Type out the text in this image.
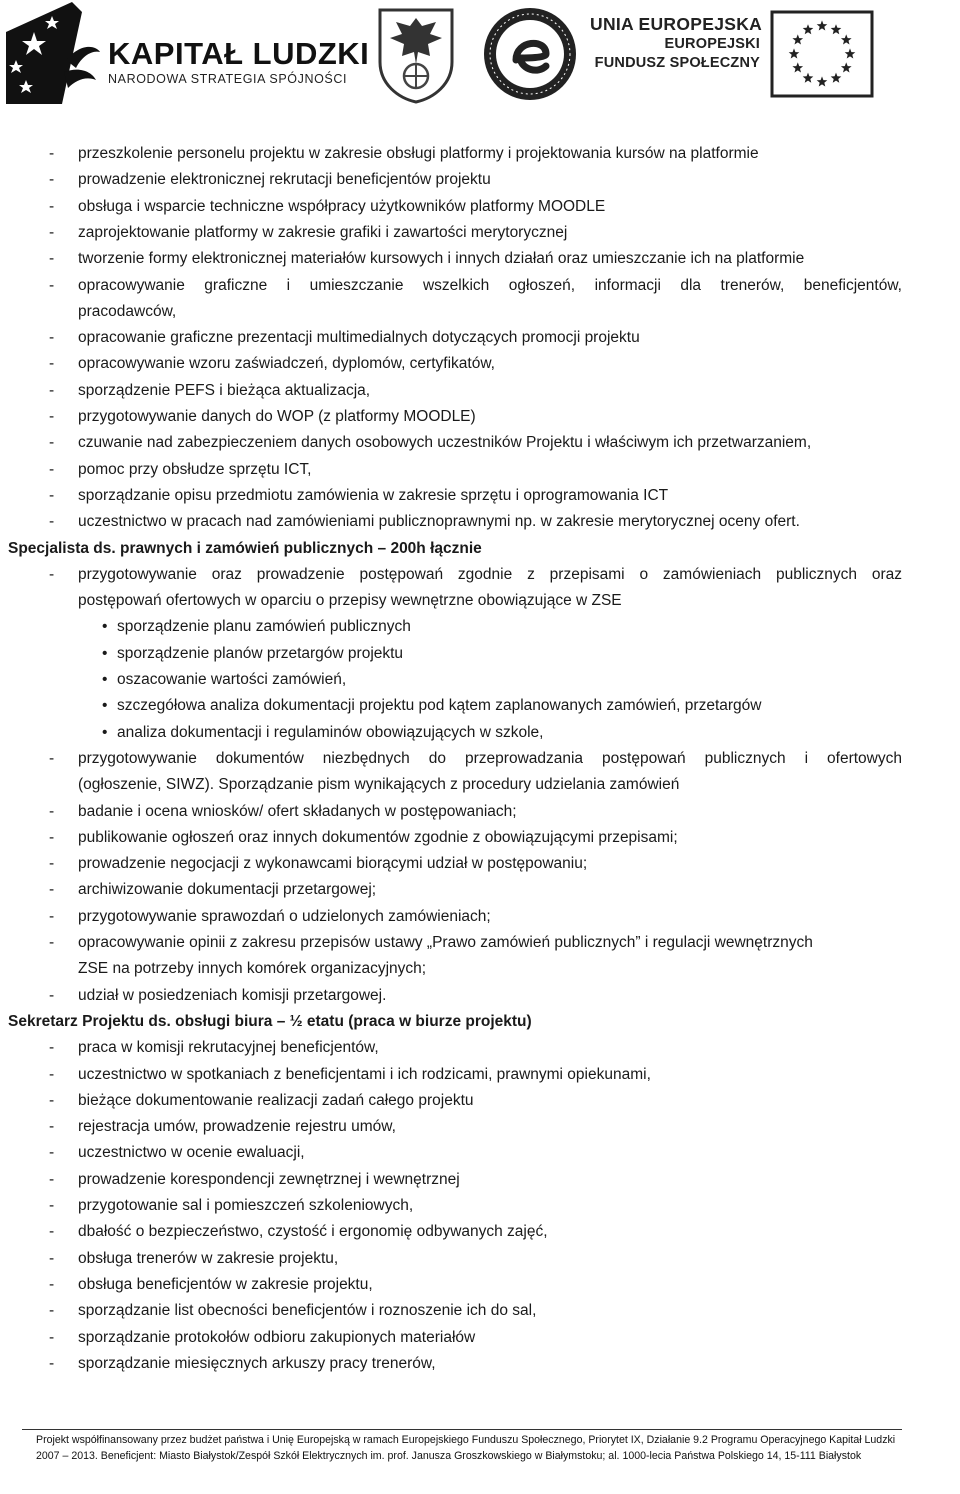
KAPITAŁ LUDZKI
NARODOWA STRATEGIA SPÓJNOŚCI
UNIA EUROPEJSKA
EUROPEJSKI
FUNDUSZ SPOŁECZNY
- przeszkolenie personelu projektu w zakresie obsługi platformy i projektowania kursów na platformie
- prowadzenie elektronicznej rekrutacji beneficjentów projektu
- obsługa i wsparcie techniczne współpracy użytkowników platformy MOODLE
- zaprojektowanie platformy w zakresie grafiki i zawartości merytorycznej
- tworzenie formy elektronicznej materiałów kursowych i innych działań oraz umieszczanie ich na platformie
- opracowywanie graficzne i umieszczanie wszelkich ogłoszeń, informacji dla trenerów, beneficjentów,
pracodawców,
- opracowanie graficzne prezentacji multimedialnych dotyczących promocji projektu
- opracowywanie wzoru zaświadczeń, dyplomów, certyfikatów,
- sporządzenie PEFS i bieżąca aktualizacja,
- przygotowywanie danych do WOP (z platformy MOODLE)
- czuwanie nad zabezpieczeniem danych osobowych uczestników Projektu i właściwym ich przetwarzaniem,
- pomoc przy obsłudze sprzętu ICT,
- sporządzanie opisu przedmiotu zamówienia w zakresie sprzętu i oprogramowania ICT
- uczestnictwo w pracach nad zamówieniami publicznoprawnymi np. w zakresie merytorycznej oceny ofert.
Specjalista ds. prawnych i zamówień publicznych – 200h łącznie
- przygotowywanie oraz prowadzenie postępowań zgodnie z przepisami o zamówieniach publicznych oraz
postępowań ofertowych w oparciu o przepisy wewnętrzne obowiązujące w ZSE
• sporządzenie planu zamówień publicznych
• sporządzenie planów przetargów projektu
• oszacowanie wartości zamówień,
• szczegółowa analiza dokumentacji projektu pod kątem zaplanowanych zamówień, przetargów
• analiza dokumentacji i regulaminów obowiązujących w szkole,
- przygotowywanie dokumentów niezbędnych do przeprowadzania postępowań publicznych i ofertowych
(ogłoszenie, SIWZ). Sporządzanie pism wynikających z procedury udzielania zamówień
- badanie i ocena wniosków/ ofert składanych w postępowaniach;
- publikowanie ogłoszeń oraz innych dokumentów zgodnie z obowiązującymi przepisami;
- prowadzenie negocjacji z wykonawcami biorącymi udział w postępowaniu;
- archiwizowanie dokumentacji przetargowej;
- przygotowywanie sprawozdań o udzielonych zamówieniach;
- opracowywanie opinii z zakresu przepisów ustawy „Prawo zamówień publicznych” i regulacji wewnętrznych
ZSE na potrzeby innych komórek organizacyjnych;
- udział w posiedzeniach komisji przetargowej.
Sekretarz Projektu ds. obsługi biura – ½ etatu (praca w biurze projektu)
- praca w komisji rekrutacyjnej beneficjentów,
- uczestnictwo w spotkaniach z beneficjentami i ich rodzicami, prawnymi opiekunami,
- bieżące dokumentowanie realizacji zadań całego projektu
- rejestracja umów, prowadzenie rejestru umów,
- uczestnictwo w ocenie ewaluacji,
- prowadzenie korespondencji zewnętrznej i wewnętrznej
- przygotowanie sal i pomieszczeń szkoleniowych,
- dbałość o bezpieczeństwo, czystość i ergonomię odbywanych zajęć,
- obsługa trenerów w zakresie projektu,
- obsługa beneficjentów w zakresie projektu,
- sporządzanie list obecności beneficjentów i roznoszenie ich do sal,
- sporządzanie protokołów odbioru zakupionych materiałów
- sporządzanie miesięcznych arkuszy pracy trenerów,
Projekt współfinansowany przez budżet państwa i Unię Europejską w ramach Europejskiego Funduszu Społecznego, Priorytet IX, Działanie 9.2 Programu Operacyjnego Kapitał Ludzki
2007 – 2013. Beneficjent: Miasto Białystok/Zespół Szkół Elektrycznych im. prof. Janusza Groszkowskiego w Białymstoku; al. 1000-lecia Państwa Polskiego 14, 15-111 Białystok
